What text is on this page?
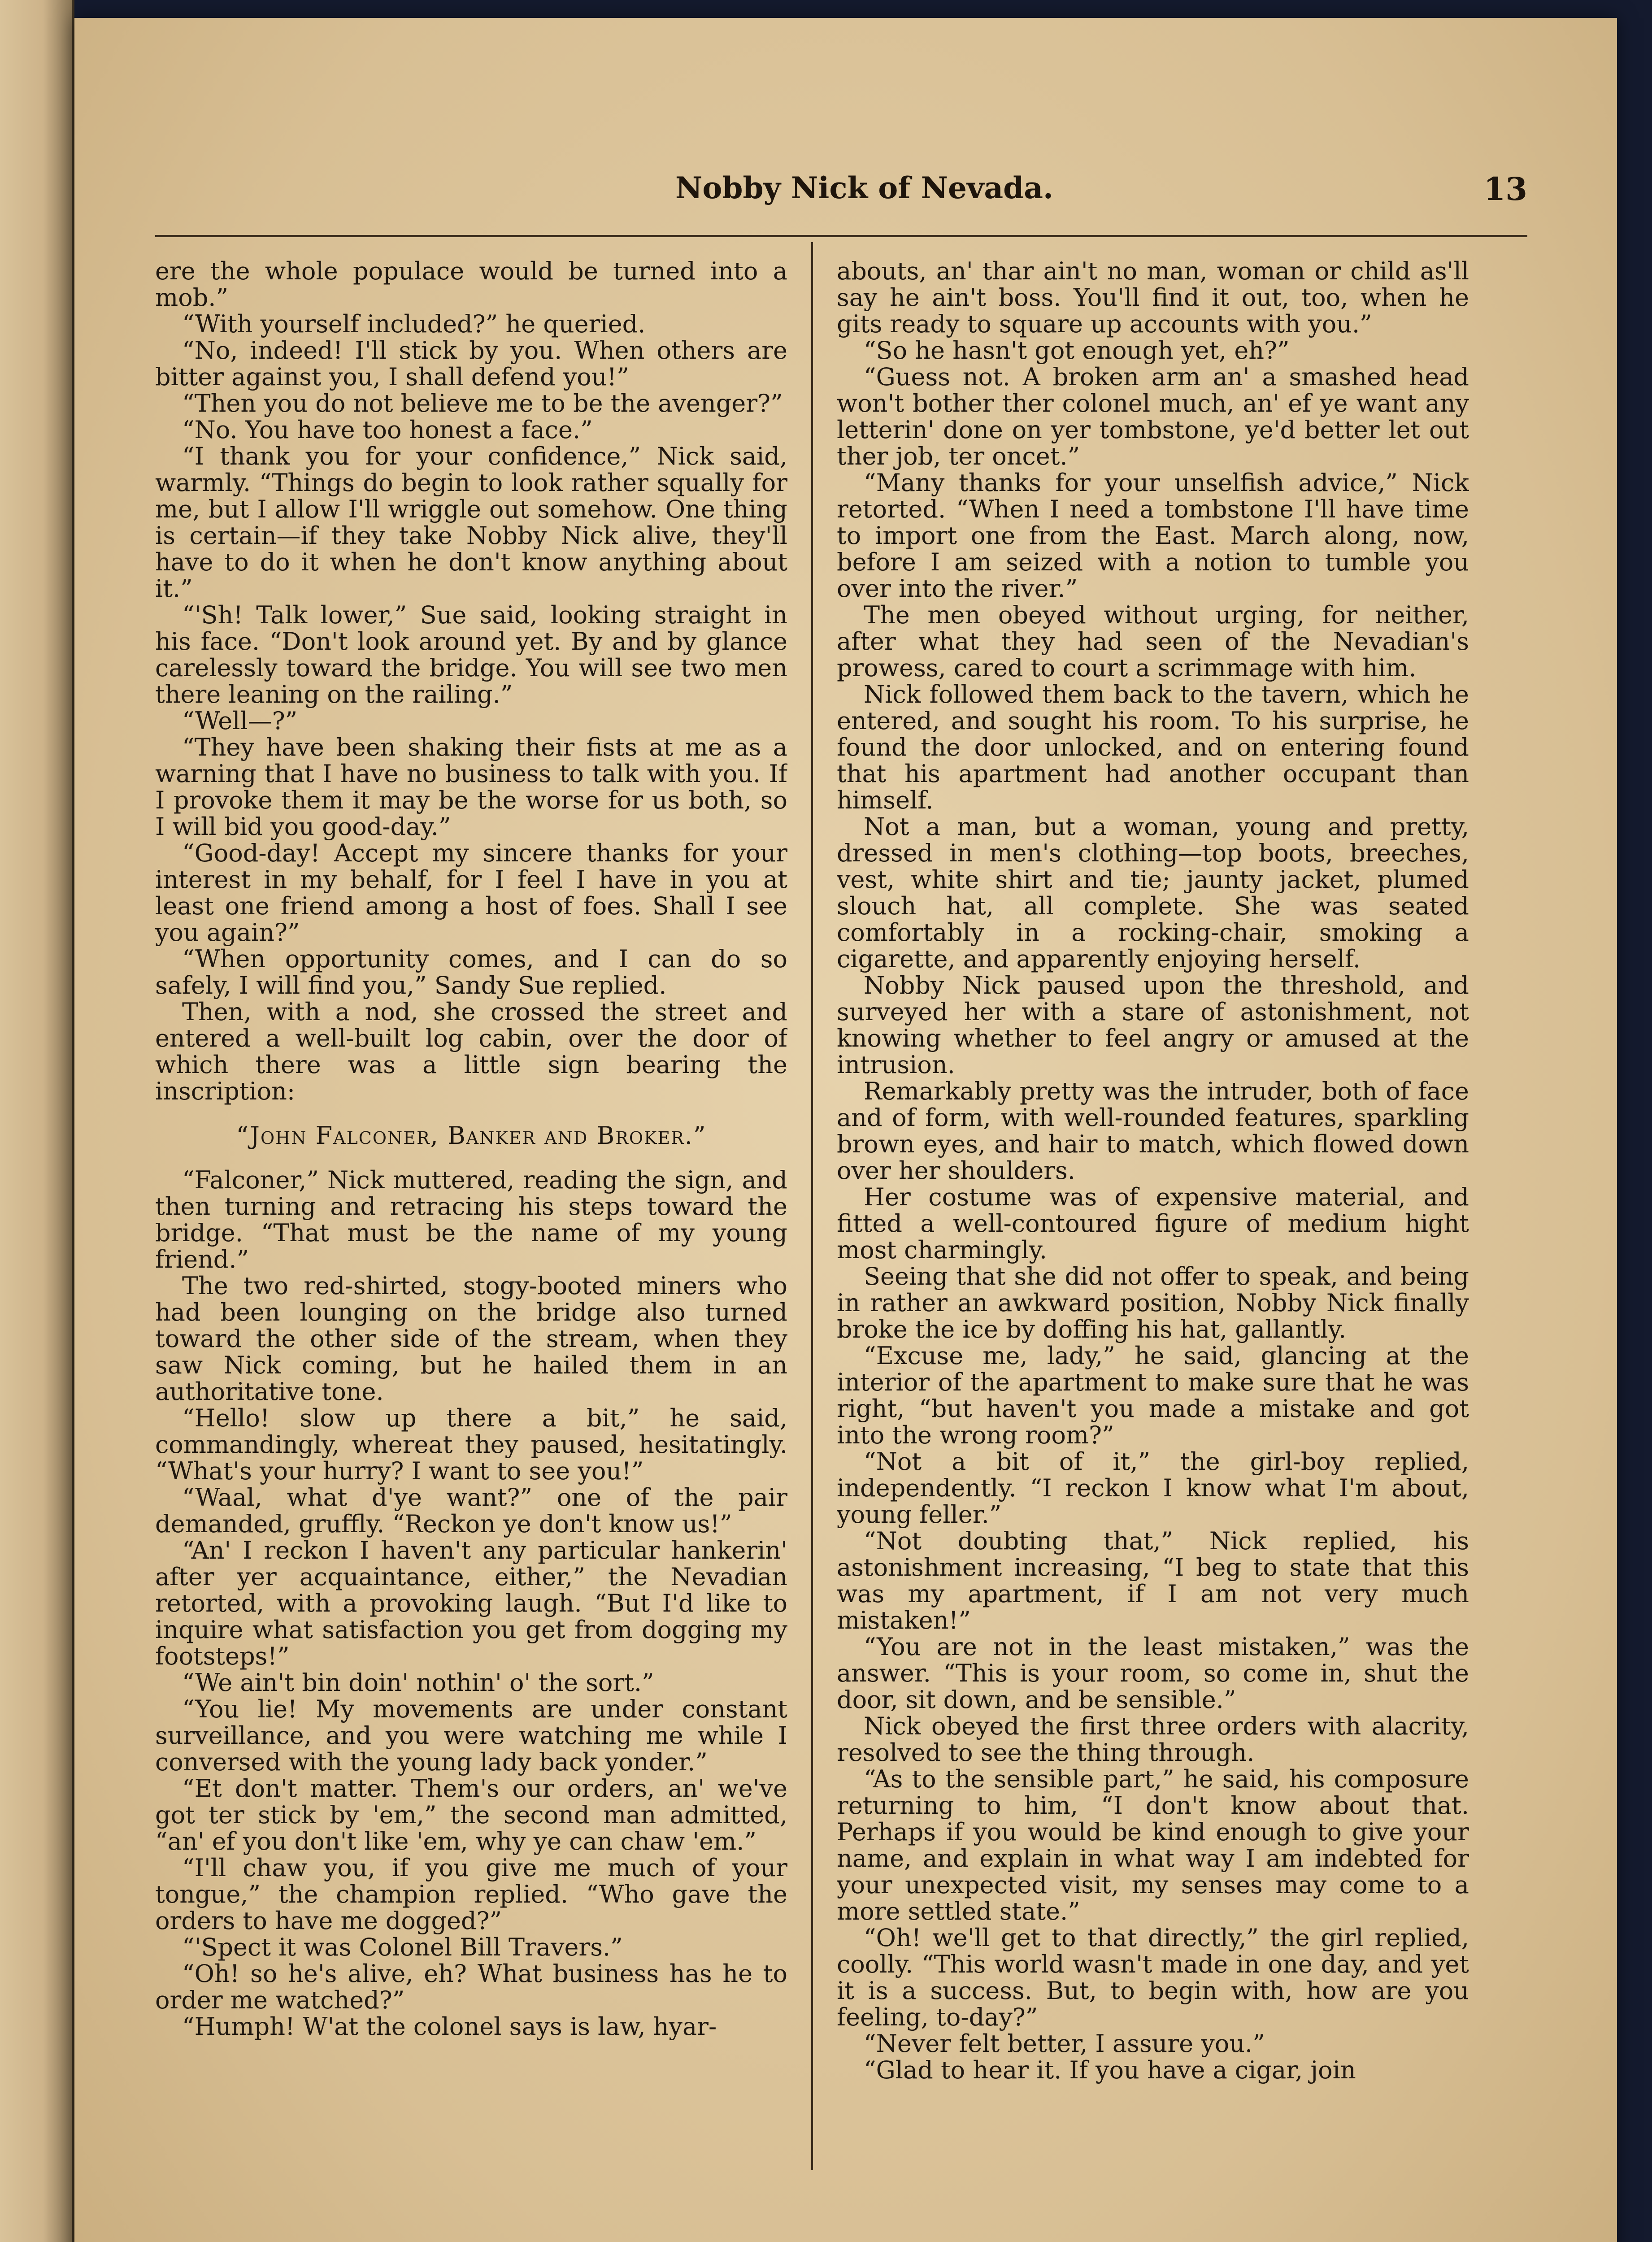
Nobby Nick of Nevada.	13

ere the whole populace would be turned into a mob.”

“With yourself included?” he queried.

“No, indeed! I'll stick by you. When others are bitter against you, I shall defend you!”

“Then you do not believe me to be the avenger?”

“No. You have too honest a face.”

“I thank you for your confidence,” Nick said, warmly. “Things do begin to look rather squally for me, but I allow I'll wriggle out somehow. One thing is certain—if they take Nobby Nick alive, they'll have to do it when he don't know anything about it.”

“'Sh! Talk lower,” Sue said, looking straight in his face. “Don't look around yet. By and by glance carelessly toward the bridge. You will see two men there leaning on the railing.”

“Well—?”

“They have been shaking their fists at me as a warning that I have no business to talk with you. If I provoke them it may be the worse for us both, so I will bid you good-day.”

“Good-day! Accept my sincere thanks for your interest in my behalf, for I feel I have in you at least one friend among a host of foes. Shall I see you again?”

“When opportunity comes, and I can do so safely, I will find you,” Sandy Sue replied.

Then, with a nod, she crossed the street and entered a well-built log cabin, over the door of which there was a little sign bearing the inscription:

“John Falconer, Banker and Broker.”

“Falconer,” Nick muttered, reading the sign, and then turning and retracing his steps toward the bridge. “That must be the name of my young friend.”

The two red-shirted, stogy-booted miners who had been lounging on the bridge also turned toward the other side of the stream, when they saw Nick coming, but he hailed them in an authoritative tone.

“Hello! slow up there a bit,” he said, commandingly, whereat they paused, hesitatingly. “What's your hurry? I want to see you!”

“Waal, what d'ye want?” one of the pair demanded, gruffly. “Reckon ye don't know us!”

“An' I reckon I haven't any particular hankerin' after yer acquaintance, either,” the Nevadian retorted, with a provoking laugh. “But I'd like to inquire what satisfaction you get from dogging my footsteps!”

“We ain't bin doin' nothin' o' the sort.”

“You lie! My movements are under constant surveillance, and you were watching me while I conversed with the young lady back yonder.”

“Et don't matter. Them's our orders, an' we've got ter stick by 'em,” the second man admitted, “an' ef you don't like 'em, why ye can chaw 'em.”

“I'll chaw you, if you give me much of your tongue,” the champion replied. “Who gave the orders to have me dogged?”

“'Spect it was Colonel Bill Travers.”

“Oh! so he's alive, eh? What business has he to order me watched?”

“Humph! W'at the colonel says is law, hyar-

abouts, an' thar ain't no man, woman or child as'll say he ain't boss. You'll find it out, too, when he gits ready to square up accounts with you.”

“So he hasn't got enough yet, eh?”

“Guess not. A broken arm an' a smashed head won't bother ther colonel much, an' ef ye want any letterin' done on yer tombstone, ye'd better let out ther job, ter oncet.”

“Many thanks for your unselfish advice,” Nick retorted. “When I need a tombstone I'll have time to import one from the East. March along, now, before I am seized with a notion to tumble you over into the river.”

The men obeyed without urging, for neither, after what they had seen of the Nevadian's prowess, cared to court a scrimmage with him.

Nick followed them back to the tavern, which he entered, and sought his room. To his surprise, he found the door unlocked, and on entering found that his apartment had another occupant than himself.

Not a man, but a woman, young and pretty, dressed in men's clothing—top boots, breeches, vest, white shirt and tie; jaunty jacket, plumed slouch hat, all complete. She was seated comfortably in a rocking-chair, smoking a cigarette, and apparently enjoying herself.

Nobby Nick paused upon the threshold, and surveyed her with a stare of astonishment, not knowing whether to feel angry or amused at the intrusion.

Remarkably pretty was the intruder, both of face and of form, with well-rounded features, sparkling brown eyes, and hair to match, which flowed down over her shoulders.

Her costume was of expensive material, and fitted a well-contoured figure of medium hight most charmingly.

Seeing that she did not offer to speak, and being in rather an awkward position, Nobby Nick finally broke the ice by doffing his hat, gallantly.

“Excuse me, lady,” he said, glancing at the interior of the apartment to make sure that he was right, “but haven't you made a mistake and got into the wrong room?”

“Not a bit of it,” the girl-boy replied, independently. “I reckon I know what I'm about, young feller.”

“Not doubting that,” Nick replied, his astonishment increasing, “I beg to state that this was my apartment, if I am not very much mistaken!”

“You are not in the least mistaken,” was the answer. “This is your room, so come in, shut the door, sit down, and be sensible.”

Nick obeyed the first three orders with alacrity, resolved to see the thing through.

“As to the sensible part,” he said, his composure returning to him, “I don't know about that. Perhaps if you would be kind enough to give your name, and explain in what way I am indebted for your unexpected visit, my senses may come to a more settled state.”

“Oh! we'll get to that directly,” the girl replied, coolly. “This world wasn't made in one day, and yet it is a success. But, to begin with, how are you feeling, to-day?”

“Never felt better, I assure you.”

“Glad to hear it. If you have a cigar, join
